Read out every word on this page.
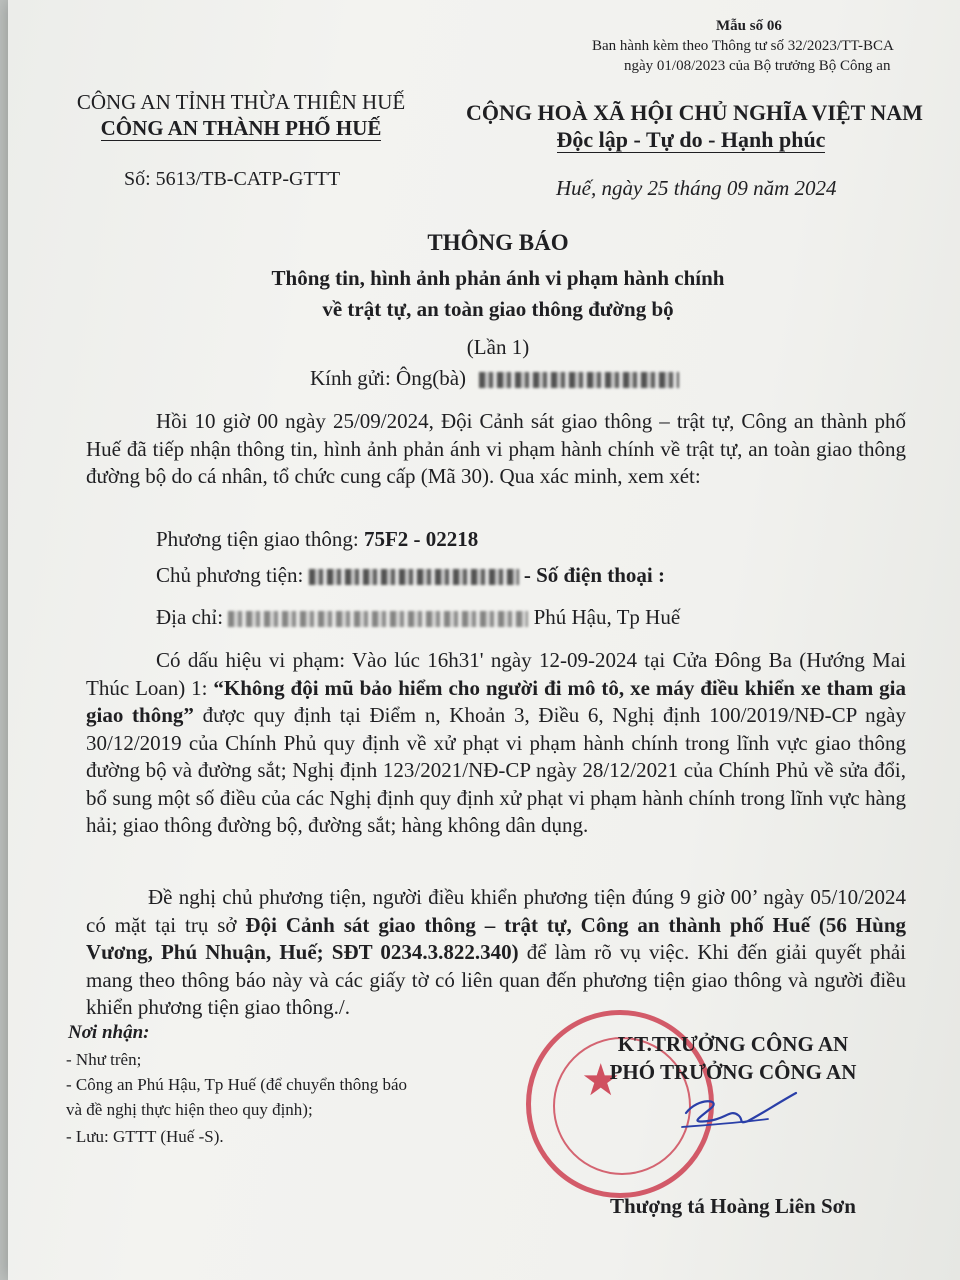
Mẫu số 06
Ban hành kèm theo Thông tư số 32/2023/TT-BCA
ngày 01/08/2023 của Bộ trưởng Bộ Công an
CÔNG AN TỈNH THỪA THIÊN HUẾ
CÔNG AN THÀNH PHỐ HUẾ
Số: 5613/TB-CATP-GTTT
CỘNG HOÀ XÃ HỘI CHỦ NGHĨA VIỆT NAM
Độc lập - Tự do - Hạnh phúc
Huế, ngày 25 tháng 09 năm 2024
THÔNG BÁO
Thông tin, hình ảnh phản ánh vi phạm hành chính
về trật tự, an toàn giao thông đường bộ
(Lần 1)
Kính gửi: Ông(bà)
Hồi 10 giờ 00 ngày 25/09/2024, Đội Cảnh sát giao thông – trật tự, Công an thành phố Huế đã tiếp nhận thông tin, hình ảnh phản ánh vi phạm hành chính về trật tự, an toàn giao thông đường bộ do cá nhân, tổ chức cung cấp (Mã 30). Qua xác minh, xem xét:
Phương tiện giao thông: 75F2 - 02218
Chủ phương tiện:	- Số điện thoại :
Địa chỉ:	Phú Hậu, Tp Huế
Có dấu hiệu vi phạm: Vào lúc 16h31' ngày 12-09-2024 tại Cửa Đông Ba (Hướng Mai Thúc Loan) 1: “Không đội mũ bảo hiểm cho người đi mô tô, xe máy điều khiển xe tham gia giao thông” được quy định tại Điểm n, Khoản 3, Điều 6, Nghị định 100/2019/NĐ-CP ngày 30/12/2019 của Chính Phủ quy định về xử phạt vi phạm hành chính trong lĩnh vực giao thông đường bộ và đường sắt; Nghị định 123/2021/NĐ-CP ngày 28/12/2021 của Chính Phủ về sửa đổi, bổ sung một số điều của các Nghị định quy định xử phạt vi phạm hành chính trong lĩnh vực hàng hải; giao thông đường bộ, đường sắt; hàng không dân dụng.
Đề nghị chủ phương tiện, người điều khiển phương tiện đúng 9 giờ 00’ ngày 05/10/2024 có mặt tại trụ sở Đội Cảnh sát giao thông – trật tự, Công an thành phố Huế (56 Hùng Vương, Phú Nhuận, Huế; SĐT 0234.3.822.340) để làm rõ vụ việc. Khi đến giải quyết phải mang theo thông báo này và các giấy tờ có liên quan đến phương tiện giao thông và người điều khiển phương tiện giao thông./.
Nơi nhận:
- Như trên;
- Công an Phú Hậu, Tp Huế (để chuyển thông báo
và đề nghị thực hiện theo quy định);
- Lưu: GTTT (Huế -S).
★
KT.TRƯỞNG CÔNG AN
PHÓ TRƯỞNG CÔNG AN
Thượng tá Hoàng Liên Sơn
